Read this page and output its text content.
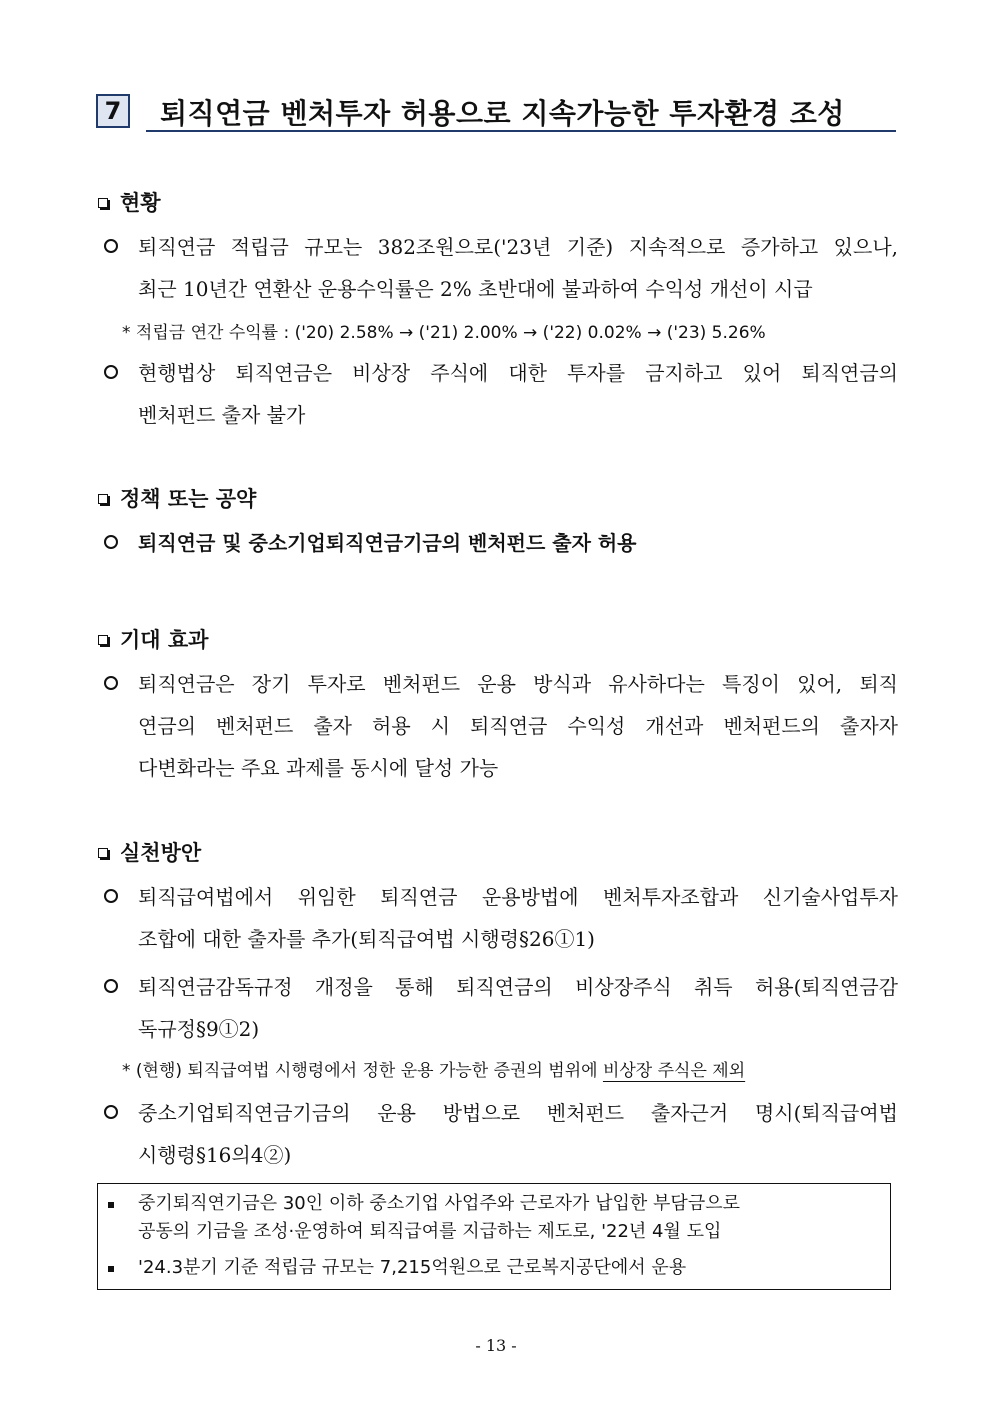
7	퇴직연금 벤처투자 허용으로 지속가능한 투자환경 조성
현황
퇴직연금 적립금 규모는 382조원으로('23년 기준) 지속적으로 증가하고 있으나,
최근 10년간 연환산 운용수익률은 2% 초반대에 불과하여 수익성 개선이 시급
* 적립금 연간 수익률 : ('20) 2.58% → ('21) 2.00% → ('22) 0.02% → ('23) 5.26%
현행법상 퇴직연금은 비상장 주식에 대한 투자를 금지하고 있어 퇴직연금의
벤처펀드 출자 불가
정책 또는 공약
퇴직연금 및 중소기업퇴직연금기금의 벤처펀드 출자 허용
기대 효과
퇴직연금은 장기 투자로 벤처펀드 운용 방식과 유사하다는 특징이 있어, 퇴직
연금의 벤처펀드 출자 허용 시 퇴직연금 수익성 개선과 벤처펀드의 출자자
다변화라는 주요 과제를 동시에 달성 가능
실천방안
퇴직급여법에서 위임한 퇴직연금 운용방법에 벤처투자조합과 신기술사업투자
조합에 대한 출자를 추가(퇴직급여법 시행령§26①1)
퇴직연금감독규정 개정을 통해 퇴직연금의 비상장주식 취득 허용(퇴직연금감
독규정§9①2)
* (현행) 퇴직급여법 시행령에서 정한 운용 가능한 증권의 범위에 비상장 주식은 제외
중소기업퇴직연금기금의 운용 방법으로 벤처펀드 출자근거 명시(퇴직급여법
시행령§16의4②)
중기퇴직연기금은 30인 이하 중소기업 사업주와 근로자가 납입한 부담금으로
공동의 기금을 조성·운영하여 퇴직급여를 지급하는 제도로, '22년 4월 도입
'24.3분기 기준 적립금 규모는 7,215억원으로 근로복지공단에서 운용
- 13 -
